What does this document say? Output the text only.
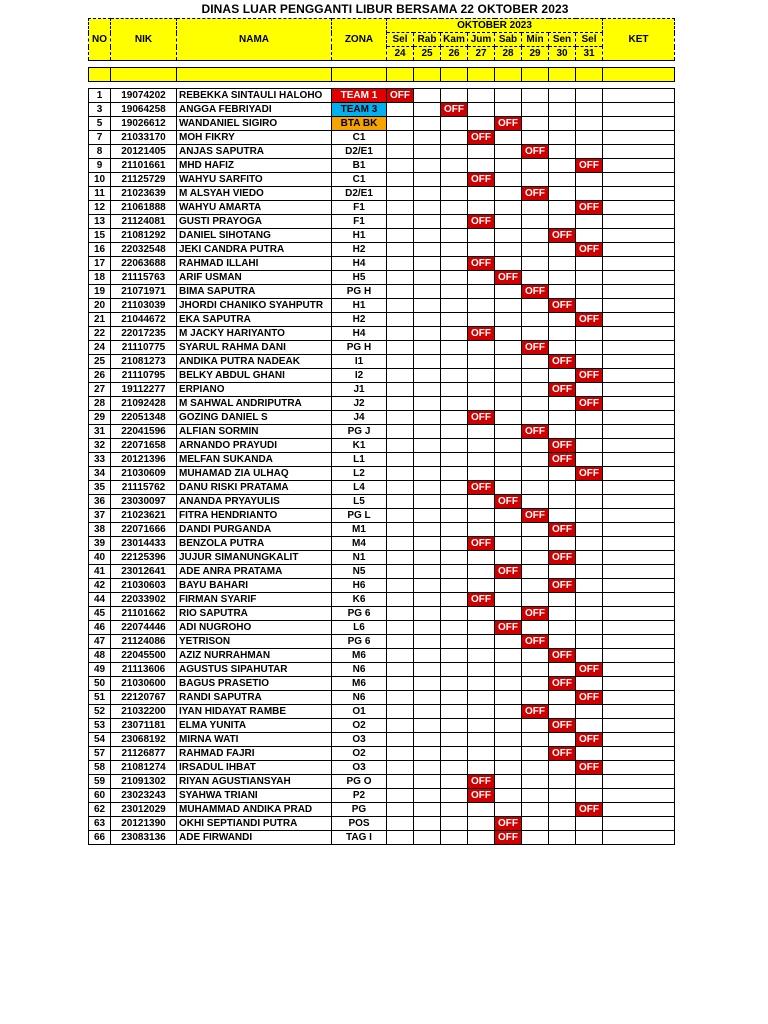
DINAS LUAR PENGGANTI LIBUR BERSAMA 22 OKTOBER 2023
NO	NIK	NAMA	ZONA	OKTOBER 2023								KET
				Sel	Rab	Kam	Jum	Sab	Min	Sen	Sel	
				24	25	26	27	28	29	30	31	

1	19074202	REBEKKA SINTAULI HALOHO	TEAM 1	OFF								
3	19064258	ANGGA FEBRIYADI	TEAM 3			OFF						
5	19026612	WANDANIEL SIGIRO	BTA BK					OFF				
7	21033170	MOH FIKRY	C1				OFF					
8	20121405	ANJAS SAPUTRA	D2/E1						OFF			
9	21101661	MHD HAFIZ	B1								OFF	
10	21125729	WAHYU SARFITO	C1				OFF					
11	21023639	M ALSYAH VIEDO	D2/E1						OFF			
12	21061888	WAHYU AMARTA	F1								OFF	
13	21124081	GUSTI PRAYOGA	F1				OFF					
15	21081292	DANIEL SIHOTANG	H1							OFF		
16	22032548	JEKI CANDRA PUTRA	H2								OFF	
17	22063688	RAHMAD ILLAHI	H4				OFF					
18	21115763	ARIF USMAN	H5					OFF				
19	21071971	BIMA SAPUTRA	PG H						OFF			
20	21103039	JHORDI CHANIKO SYAHPUTR	H1							OFF		
21	21044672	EKA SAPUTRA	H2								OFF	
22	22017235	M JACKY HARIYANTO	H4				OFF					
24	21110775	SYARUL RAHMA DANI	PG H						OFF			
25	21081273	ANDIKA PUTRA NADEAK	I1							OFF		
26	21110795	BELKY ABDUL GHANI	I2								OFF	
27	19112277	ERPIANO	J1							OFF		
28	21092428	M SAHWAL ANDRIPUTRA	J2								OFF	
29	22051348	GOZING DANIEL S	J4				OFF					
31	22041596	ALFIAN SORMIN	PG J						OFF			
32	22071658	ARNANDO PRAYUDI	K1							OFF		
33	20121396	MELFAN SUKANDA	L1							OFF		
34	21030609	MUHAMAD ZIA ULHAQ	L2								OFF	
35	21115762	DANU RISKI PRATAMA	L4				OFF					
36	23030097	ANANDA PRYAYULIS	L5					OFF				
37	21023621	FITRA HENDRIANTO	PG L						OFF			
38	22071666	DANDI PURGANDA	M1							OFF		
39	23014433	BENZOLA PUTRA	M4				OFF					
40	22125396	JUJUR SIMANUNGKALIT	N1							OFF		
41	23012641	ADE ANRA PRATAMA	N5					OFF				
42	21030603	BAYU BAHARI	H6							OFF		
44	22033902	FIRMAN SYARIF	K6				OFF					
45	21101662	RIO SAPUTRA	PG 6						OFF			
46	22074446	ADI NUGROHO	L6					OFF				
47	21124086	YETRISON	PG 6						OFF			
48	22045500	AZIZ NURRAHMAN	M6							OFF		
49	21113606	AGUSTUS SIPAHUTAR	N6								OFF	
50	21030600	BAGUS PRASETIO	M6							OFF		
51	22120767	RANDI SAPUTRA	N6								OFF	
52	21032200	IYAN HIDAYAT RAMBE	O1						OFF			
53	23071181	ELMA YUNITA	O2							OFF		
54	23068192	MIRNA WATI	O3								OFF	
57	21126877	RAHMAD FAJRI	O2							OFF		
58	21081274	IRSADUL IHBAT	O3								OFF	
59	21091302	RIYAN AGUSTIANSYAH	PG O				OFF					
60	23023243	SYAHWA TRIANI	P2				OFF					
62	23012029	MUHAMMAD ANDIKA PRAD	PG								OFF	
63	20121390	OKHI SEPTIANDI PUTRA	POS					OFF				
66	23083136	ADE FIRWANDI	TAG I					OFF				
